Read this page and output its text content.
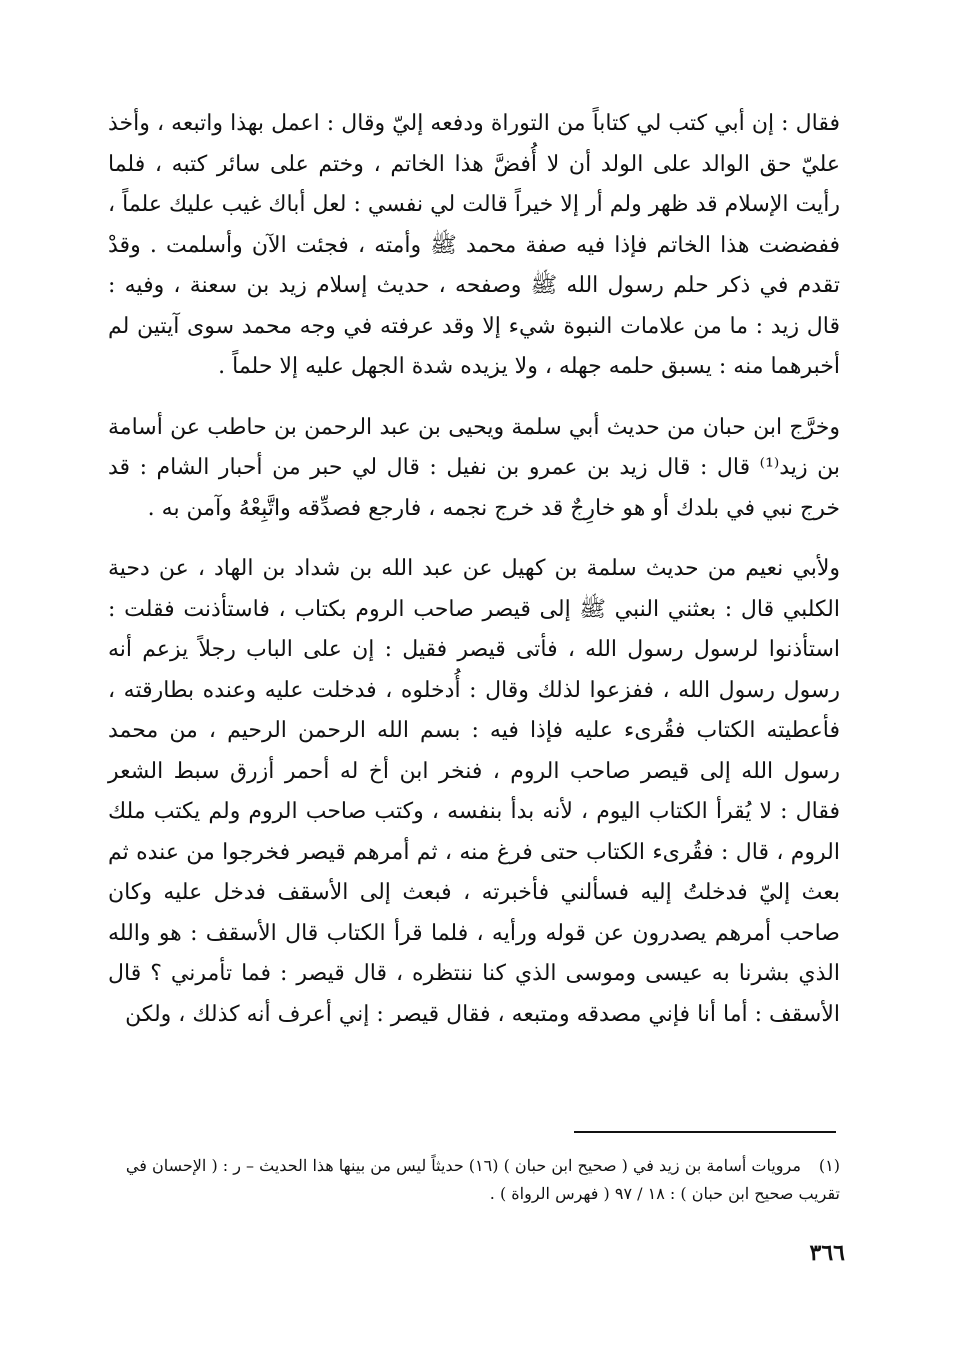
فقال : إن أبي كتب لي كتاباً من التوراة ودفعه إليّ وقال : اعمل بهذا واتبعه ، وأخذ عليّ حق الوالد على الولد أن لا أُفضَّ هذا الخاتم ، وختم على سائر كتبه ، فلما رأيت الإسلام قد ظهر ولم أر إلا خيراً قالت لي نفسي : لعل أباك غيب عليك علماً ، ففضضت هذا الخاتم فإذا فيه صفة محمد ﷺ وأمته ، فجئت الآن وأسلمت . وقدْ تقدم في ذكر حلم رسول الله ﷺ وصفحه ، حديث إسلام زيد بن سعنة ، وفيه : قال زيد : ما من علامات النبوة شيء إلا وقد عرفته في وجه محمد سوى آيتين لم أخبرهما منه : يسبق حلمه جهله ، ولا يزيده شدة الجهل عليه إلا حلماً .

وخرَّج ابن حبان من حديث أبي سلمة ويحيى بن عبد الرحمن بن حاطب عن أسامة بن زيد⁽¹⁾ قال : قال زيد بن عمرو بن نفيل : قال لي حبر من أحبار الشام : قد خرج نبي في بلدك أو هو خارِجٌ قد خرج نجمه ، فارجع فصدِّقه واتَّبِعْهُ وآمن به .

ولأبي نعيم من حديث سلمة بن كهيل عن عبد الله بن شداد بن الهاد ، عن دحية الكلبي قال : بعثني النبي ﷺ إلى قيصر صاحب الروم بكتاب ، فاستأذنت فقلت : استأذنوا لرسول رسول الله ، فأتى قيصر فقيل : إن على الباب رجلاً يزعم أنه رسول رسول الله ، ففزعوا لذلك وقال : أُدخلوه ، فدخلت عليه وعنده بطارقته ، فأعطيته الكتاب فقُرىء عليه فإذا فيه : بسم الله الرحمن الرحيم ، من محمد رسول الله إلى قيصر صاحب الروم ، فنخر ابن أخ له أحمر أزرق سبط الشعر فقال : لا يُقرأ الكتاب اليوم ، لأنه بدأ بنفسه ، وكتب صاحب الروم ولم يكتب ملك الروم ، قال : فقُرىء الكتاب حتى فرغ منه ، ثم أمرهم قيصر فخرجوا من عنده ثم بعث إليّ فدخلتُ إليه فسألني فأخبرته ، فبعث إلى الأسقف فدخل عليه وكان صاحب أمرهم يصدرون عن قوله ورأيه ، فلما قرأ الكتاب قال الأسقف : هو والله الذي بشرنا به عيسى وموسى الذي كنا ننتظره ، قال قيصر : فما تأمرني ؟ قال الأسقف : أما أنا فإني مصدقه ومتبعه ، فقال قيصر : إني أعرف أنه كذلك ، ولكن

(١)مرويات أسامة بن زيد في ( صحيح ابن حبان ) (١٦) حديثاً ليس من بينها هذا الحديث – ر : ( الإحسان في تقريب صحيح ابن حبان ) : ١٨ / ٩٧ ( فهرس الرواة ) .

٣٦٦
